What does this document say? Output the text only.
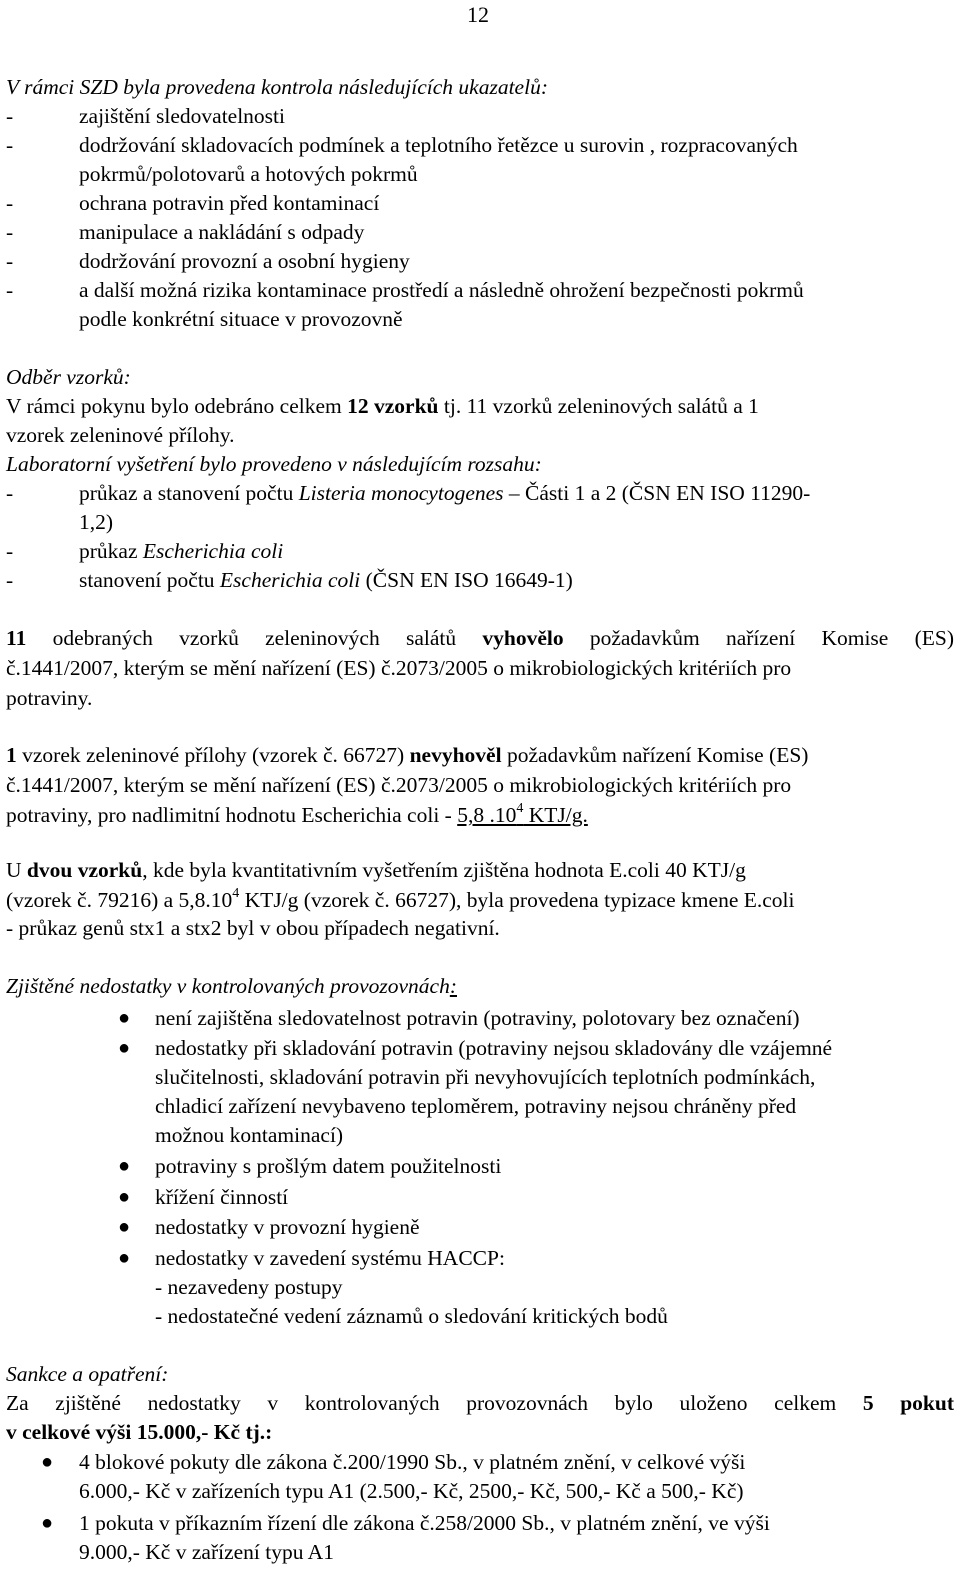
12
V rámci SZD byla provedena kontrola následujících ukazatelů:
-	zajištění sledovatelnosti
-	dodržování skladovacích podmínek a teplotního řetězce u surovin , rozpracovaných
pokrmů/polotovarů a hotových pokrmů
-	ochrana potravin před kontaminací
-	manipulace a nakládání s odpady
-	dodržování provozní a osobní hygieny
-	a další možná rizika kontaminace prostředí a následně ohrožení bezpečnosti pokrmů
podle konkrétní situace v provozovně
Odběr vzorků:
V rámci pokynu bylo odebráno celkem 12 vzorků tj. 11 vzorků zeleninových salátů a 1
vzorek zeleninové přílohy.
Laboratorní vyšetření bylo provedeno v následujícím rozsahu:
-	průkaz a stanovení počtu Listeria monocytogenes – Části 1 a 2 (ČSN EN ISO 11290-
1,2)
-	průkaz Escherichia coli
-	stanovení počtu Escherichia coli (ČSN EN ISO 16649-1)
11 odebraných vzorků zeleninových salátů vyhovělo požadavkům nařízení Komise (ES)
č.1441/2007, kterým se mění nařízení (ES) č.2073/2005 o mikrobiologických kritériích pro
potraviny.
1 vzorek zeleninové přílohy (vzorek č. 66727) nevyhověl požadavkům nařízení Komise (ES)
č.1441/2007, kterým se mění nařízení (ES) č.2073/2005 o mikrobiologických kritériích pro
potraviny, pro nadlimitní hodnotu Escherichia coli - 5,8 $.10^4$ KTJ/g.
U dvou vzorků, kde byla kvantitativním vyšetřením zjištěna hodnota E.coli 40 KTJ/g
(vzorek č. 79216) a 5,8.10$^4$ KTJ/g (vzorek č. 66727), byla provedena typizace kmene E.coli
- průkaz genů stx1 a stx2 byl v obou případech negativní.
Zjištěné nedostatky v kontrolovaných provozovnách:
● není zajištěna sledovatelnost potravin (potraviny, polotovary bez označení)
● nedostatky při skladování potravin (potraviny nejsou skladovány dle vzájemné
slučitelnosti, skladování potravin při nevyhovujících teplotních podmínkách,
chladicí zařízení nevybaveno teploměrem, potraviny nejsou chráněny před
možnou kontaminací)
● potraviny s prošlým datem použitelnosti
● křížení činností
● nedostatky v provozní hygieně
● nedostatky v zavedení systému HACCP:
- nezavedeny postupy
- nedostatečné vedení záznamů o sledování kritických bodů
Sankce a opatření:
Za zjištěné nedostatky v kontrolovaných provozovnách bylo uloženo celkem 5 pokut
v celkové výši 15.000,- Kč tj.:
● 4 blokové pokuty dle zákona č.200/1990 Sb., v platném znění, v celkové výši
6.000,- Kč v zařízeních typu A1 (2.500,- Kč, 2500,- Kč, 500,- Kč a 500,- Kč)
● 1 pokuta v příkazním řízení dle zákona č.258/2000 Sb., v platném znění, ve výši
9.000,- Kč v zařízení typu A1
